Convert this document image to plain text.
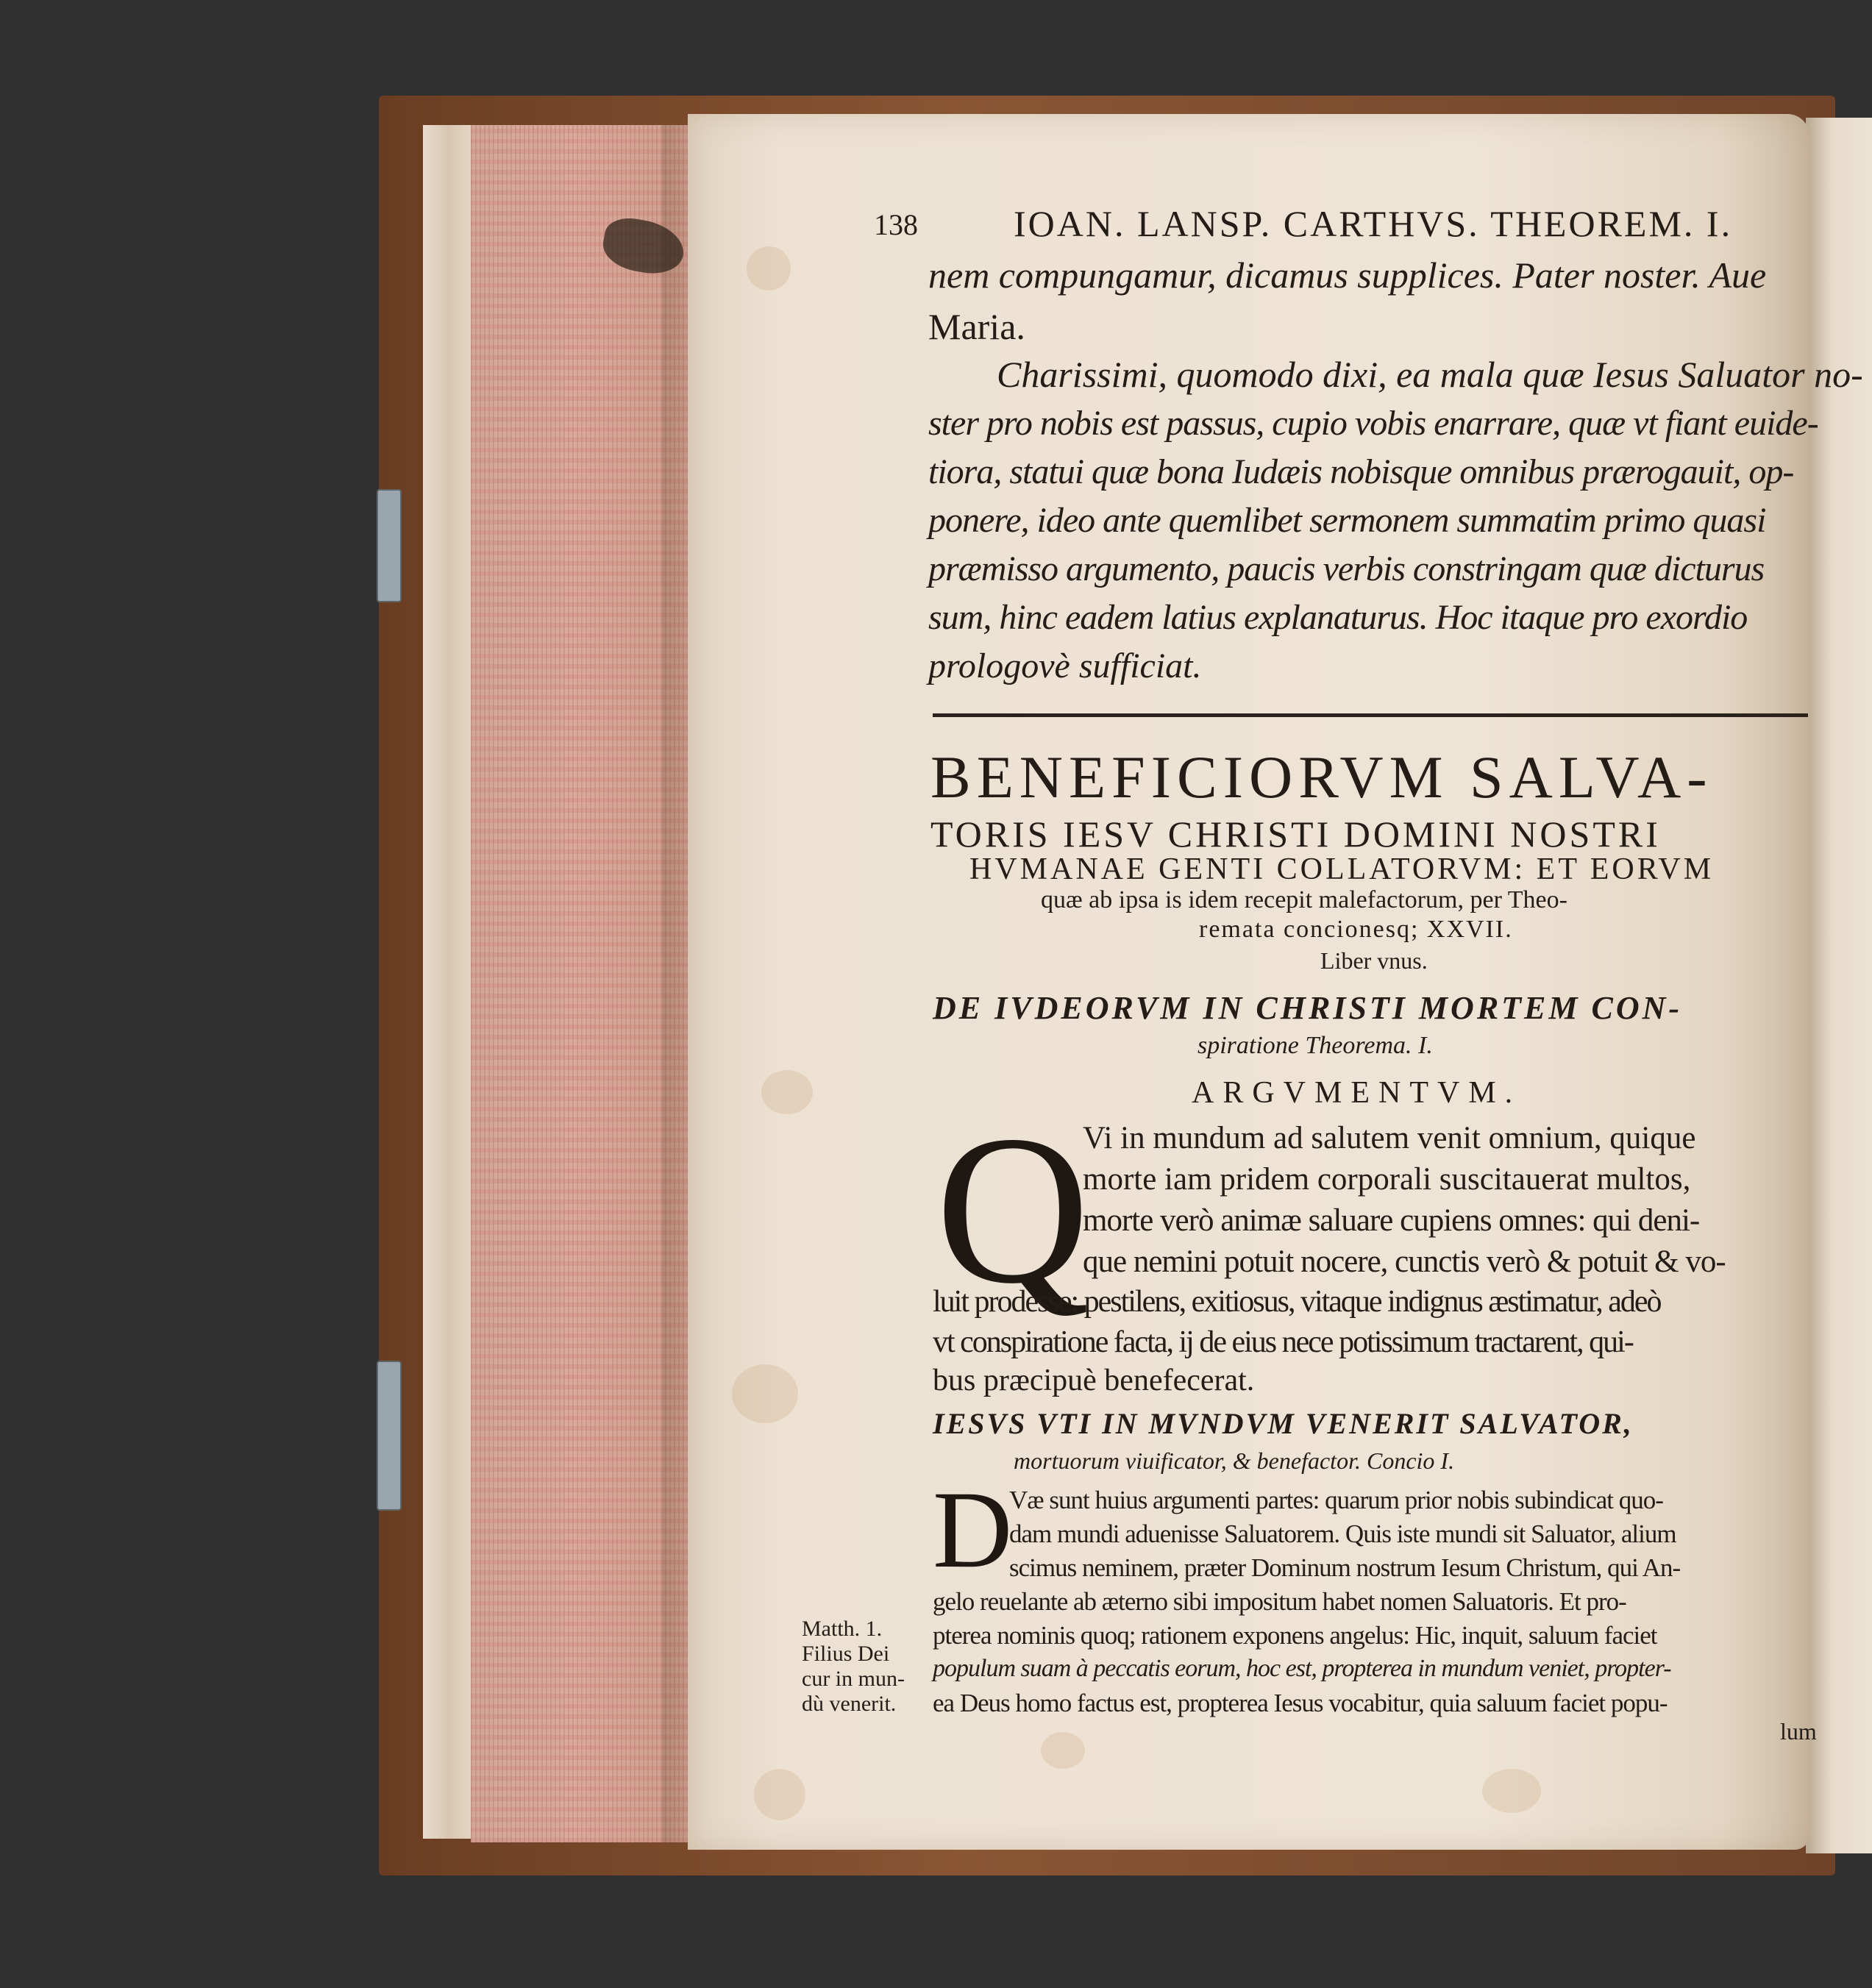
138	IOAN. LANSP. CARTHVS. THEOREM. I.
nem compungamur, dicamus supplices. Pater noster. Aue
Maria.
Charissimi, quomodo dixi, ea mala quæ Iesus Saluator no-
ster pro nobis est passus, cupio vobis enarrare, quæ vt fiant euide-
tiora, statui quæ bona Iudæis nobisque omnibus prærogauit, op-
ponere, ideo ante quemlibet sermonem summatim primo quasi
præmisso argumento, paucis verbis constringam quæ dicturus
sum, hinc eadem latius explanaturus. Hoc itaque pro exordio
prologovè sufficiat.
BENEFICIORVM SALVA-
TORIS IESV CHRISTI DOMINI NOSTRI
HVMANAE GENTI COLLATORVM: ET EORVM
quæ ab ipsa is idem recepit malefactorum, per Theo-
remata concionesq; XXVII.
Liber vnus.
DE IVDEORVM IN CHRISTI MORTEM CON-
spiratione Theorema. I.
ARGVMENTVM.
Q
Vi in mundum ad salutem venit omnium, quique
morte iam pridem corporali suscitauerat multos,
morte verò animæ saluare cupiens omnes: qui deni-
que nemini potuit nocere, cunctis verò & potuit & vo-
luit prodesse: pestilens, exitiosus, vitaque indignus æstimatur, adeò
vt conspiratione facta, ij de eius nece potissimum tractarent, qui-
bus præcipuè benefecerat.
IESVS VTI IN MVNDVM VENERIT SALVATOR,
mortuorum viuificator, & benefactor. Concio I.
D
Væ sunt huius argumenti partes: quarum prior nobis subindicat quo-
dam mundi aduenisse Saluatorem. Quis iste mundi sit Saluator, alium
scimus neminem, præter Dominum nostrum Iesum Christum, qui An-
gelo reuelante ab æterno sibi impositum habet nomen Saluatoris. Et pro-
pterea nominis quoq; rationem exponens angelus: Hic, inquit, saluum faciet
populum suam à peccatis eorum, hoc est, propterea in mundum veniet, propter-
ea Deus homo factus est, propterea Iesus vocabitur, quia saluum faciet popu-
lum
Matth. 1.
Filius Dei
cur in mun-
dù venerit.
